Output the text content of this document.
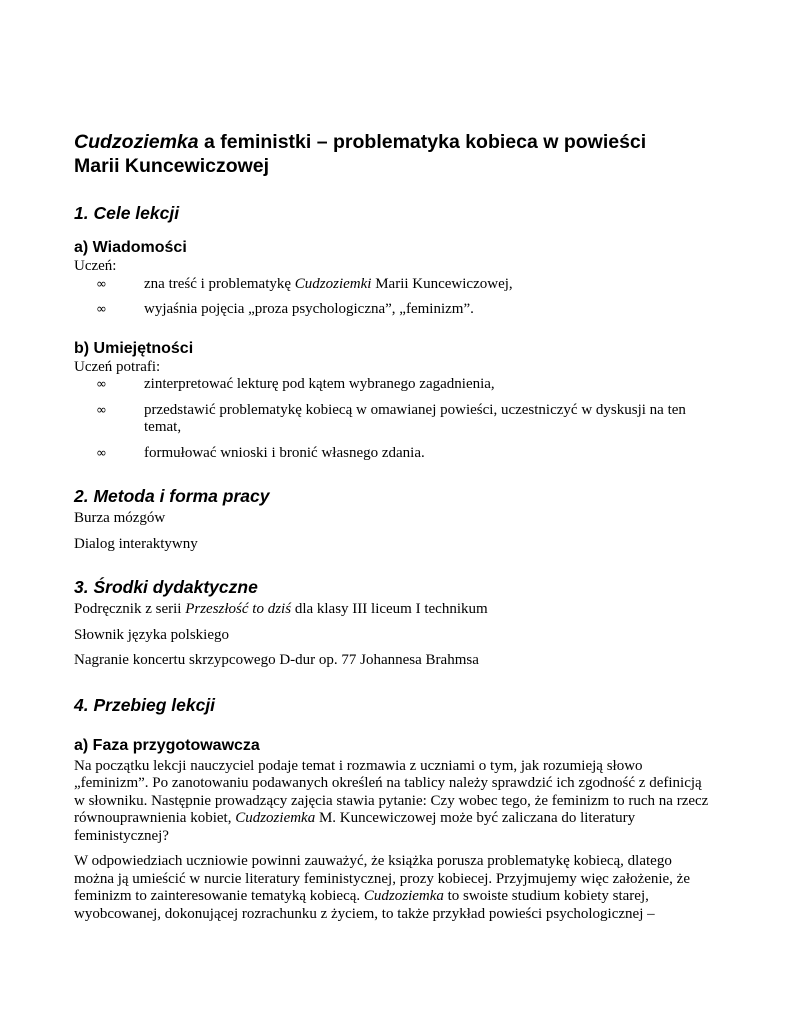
Cudzoziemka a feministki – problematyka kobieca w powieści
Marii Kuncewiczowej
1. Cele lekcji
a) Wiadomości

Uczeń:

∞ zna treść i problematykę Cudzoziemki Marii Kuncewiczowej,
∞ wyjaśnia pojęcia „proza psychologiczna”, „feminizm”.
b) Umiejętności

Uczeń potrafi:

∞ zinterpretować lekturę pod kątem wybranego zagadnienia,
∞ przedstawić problematykę kobiecą w omawianej powieści, uczestniczyć w dyskusji na ten temat,
∞ formułować wnioski i bronić własnego zdania.
2. Metoda i forma pracy

Burza mózgów

Dialog interaktywny

3. Środki dydaktyczne

Podręcznik z serii Przeszłość to dziś dla klasy III liceum I technikum

Słownik języka polskiego

Nagranie koncertu skrzypcowego D-dur op. 77 Johannesa Brahmsa

4. Przebieg lekcji
a) Faza przygotowawcza

Na początku lekcji nauczyciel podaje temat i rozmawia z uczniami o tym, jak rozumieją słowo „feminizm”. Po zanotowaniu podawanych określeń na tablicy należy sprawdzić ich zgodność z definicją w słowniku. Następnie prowadzący zajęcia stawia pytanie: Czy wobec tego, że feminizm to ruch na rzecz równouprawnienia kobiet, Cudzoziemka M. Kuncewiczowej może być zaliczana do literatury feministycznej?

W odpowiedziach uczniowie powinni zauważyć, że książka porusza problematykę kobiecą, dlatego można ją umieścić w nurcie literatury feministycznej, prozy kobiecej. Przyjmujemy więc założenie, że feminizm to zainteresowanie tematyką kobiecą. Cudzoziemka to swoiste studium kobiety starej, wyobcowanej, dokonującej rozrachunku z życiem, to także przykład powieści psychologicznej –
